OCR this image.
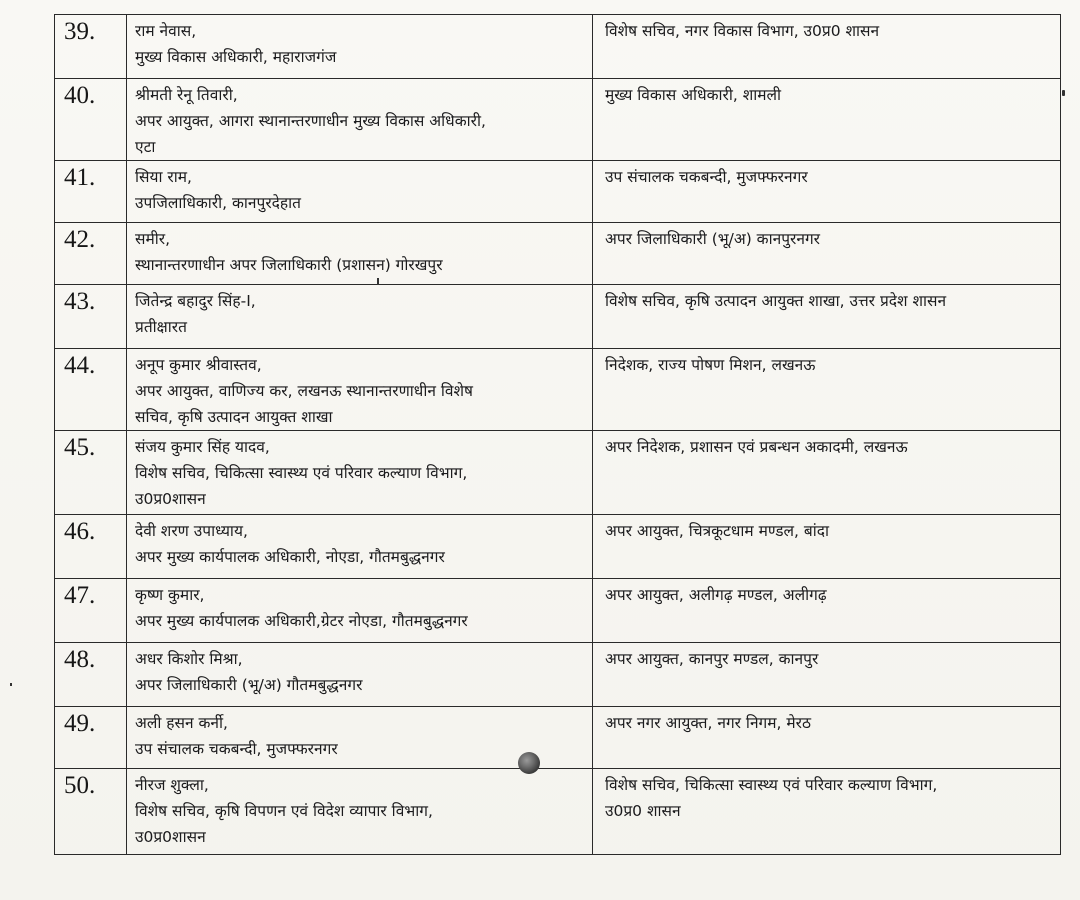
39.	राम नेवास,
मुख्य विकास अधिकारी, महाराजगंज	विशेष सचिव, नगर विकास विभाग, उ0प्र0 शासन

40.	श्रीमती रेनू तिवारी,
अपर आयुक्त, आगरा स्थानान्तरणाधीन मुख्य विकास अधिकारी,
एटा	मुख्य विकास अधिकारी, शामली

41.	सिया राम,
उपजिलाधिकारी, कानपुरदेहात	उप संचालक चकबन्दी, मुजफ्फरनगर

42.	समीर,
स्थानान्तरणाधीन अपर जिलाधिकारी (प्रशासन) गोरखपुर	अपर जिलाधिकारी (भू/अ) कानपुरनगर

43.	जितेन्द्र बहादुर सिंह-I,
प्रतीक्षारत	विशेष सचिव, कृषि उत्पादन आयुक्त शाखा, उत्तर प्रदेश शासन

44.	अनूप कुमार श्रीवास्तव,
अपर आयुक्त, वाणिज्य कर, लखनऊ स्थानान्तरणाधीन विशेष
सचिव, कृषि उत्पादन आयुक्त शाखा	निदेशक, राज्य पोषण मिशन, लखनऊ

45.	संजय कुमार सिंह यादव,
विशेष सचिव, चिकित्सा स्वास्थ्य एवं परिवार कल्याण विभाग,
उ0प्र0शासन	अपर निदेशक, प्रशासन एवं प्रबन्धन अकादमी, लखनऊ

46.	देवी शरण उपाध्याय,
अपर मुख्य कार्यपालक अधिकारी, नोएडा, गौतमबुद्धनगर	अपर आयुक्त, चित्रकूटधाम मण्डल, बांदा

47.	कृष्ण कुमार,
अपर मुख्य कार्यपालक अधिकारी,ग्रेटर नोएडा, गौतमबुद्धनगर	अपर आयुक्त, अलीगढ़ मण्डल, अलीगढ़

48.	अधर किशोर मिश्रा,
अपर जिलाधिकारी (भू/अ) गौतमबुद्धनगर	अपर आयुक्त, कानपुर मण्डल, कानपुर

49.	अली हसन कर्नी,
उप संचालक चकबन्दी, मुजफ्फरनगर	अपर नगर आयुक्त, नगर निगम, मेरठ

50.	नीरज शुक्ला,
विशेष सचिव, कृषि विपणन एवं विदेश व्यापार विभाग,
उ0प्र0शासन	विशेष सचिव, चिकित्सा स्वास्थ्य एवं परिवार कल्याण विभाग,
उ0प्र0 शासन
